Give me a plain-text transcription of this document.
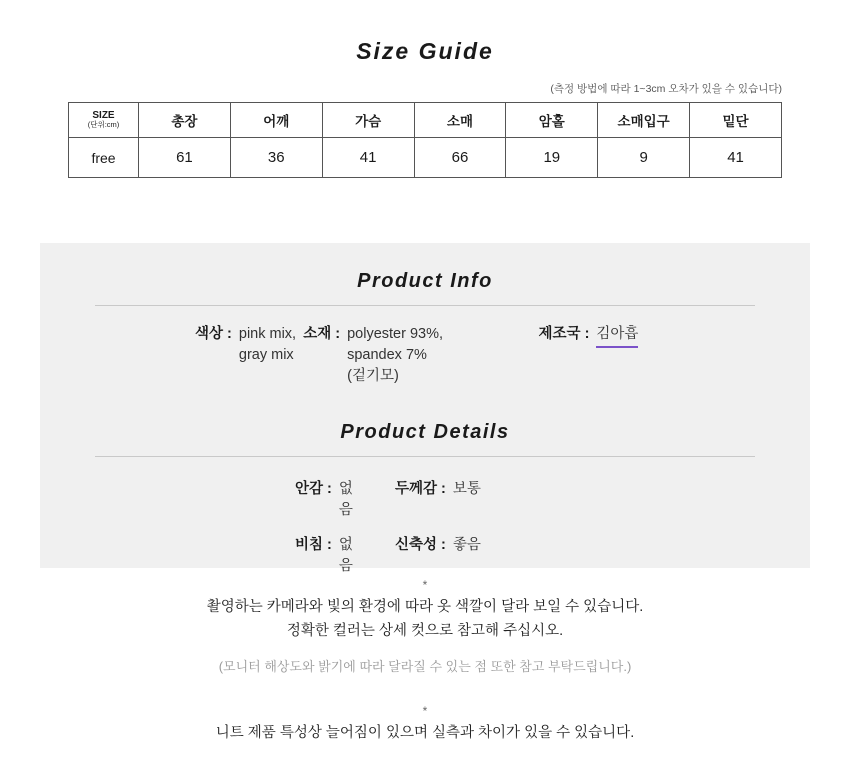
Size Guide
(측정 방법에 따라 1~3cm 오차가 있을 수 있습니다)
SIZE
(단위:cm)	총장	어깨	가슴	소매	암홀	소매입구	밑단
free	61	36	41	66	19	9	41
Product Info
색상 : pink mix,
gray mix
소재 : polyester 93%,
spandex 7%
(겉기모)
제조국 : 김아흡
Product Details
안감 : 없음
두께감 : 보통
비침 : 없음
신축성 : 좋음
*
촬영하는 카메라와 빛의 환경에 따라 옷 색깔이 달라 보일 수 있습니다.
정확한 컬러는 상세 컷으로 참고해 주십시오.
(모니터 해상도와 밝기에 따라 달라질 수 있는 점 또한 참고 부탁드립니다.)
*
니트 제품 특성상 늘어짐이 있으며 실측과 차이가 있을 수 있습니다.
